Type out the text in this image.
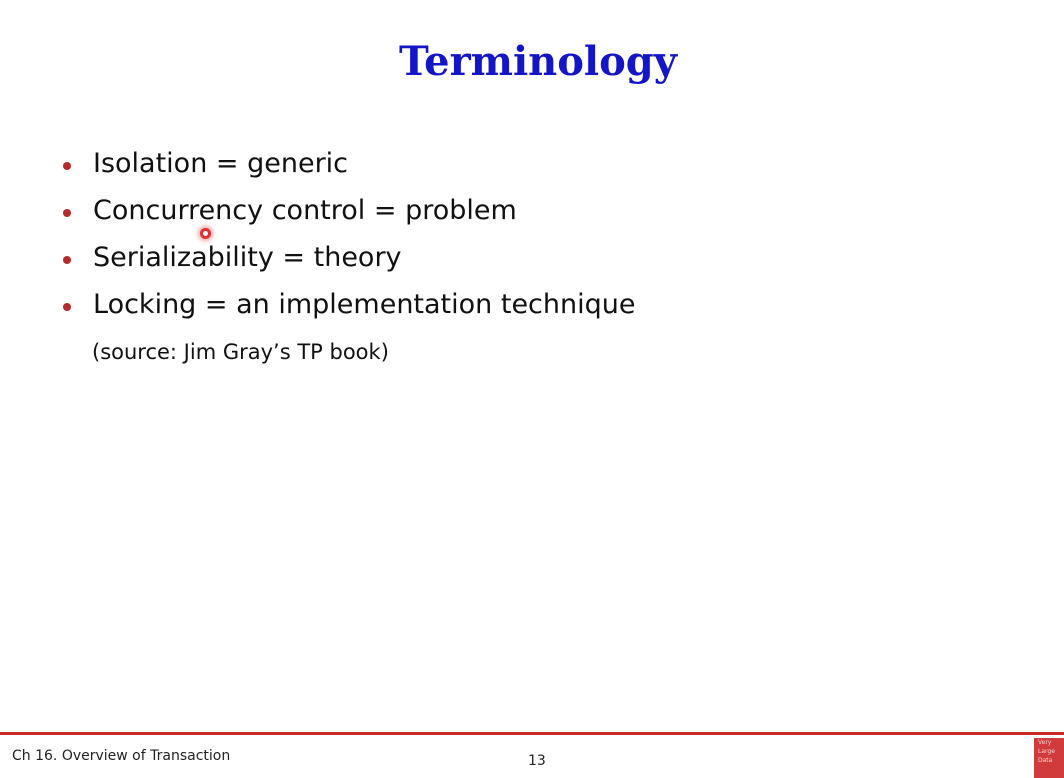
Terminology
Isolation = generic
Concurrency control = problem
Serializability = theory
Locking = an implementation technique
(source: Jim Gray’s TP book)
Ch 16. Overview of Transaction	13
Very
Large
Data
